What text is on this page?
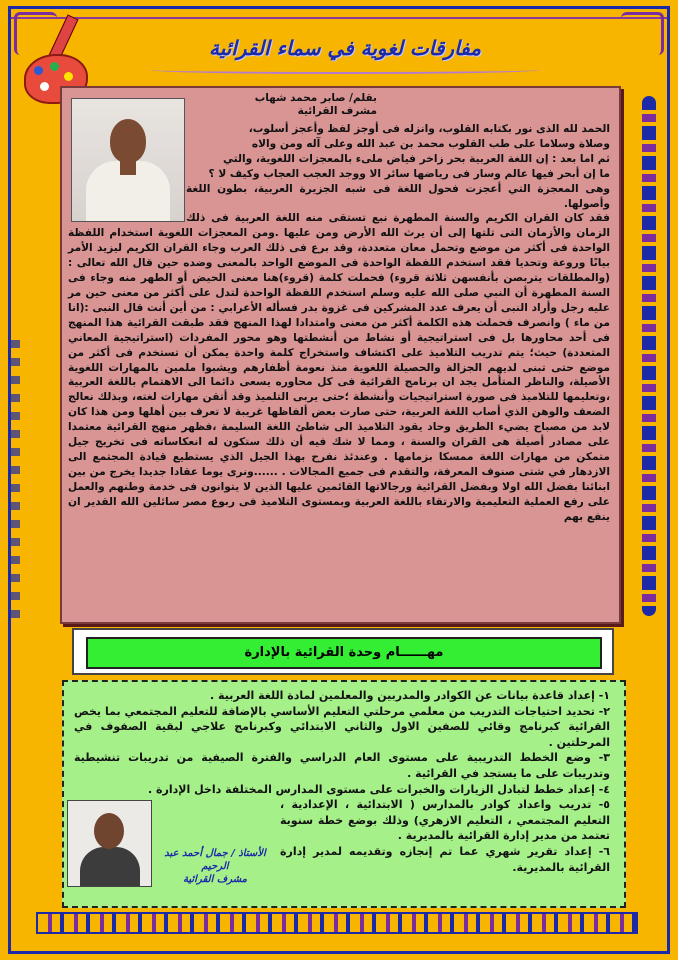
مفارقات لغوية في سماء القرائية
بقلم/ صابر محمد شهاب
مشرف القرائية

الحمد لله الذى نور بكتابه القلوب، وانزله فى أوجز لفظ وأعجز أسلوب،

وصلاة وسلاما على طب القلوب محمد بن عبد الله وعلى آله ومن والاه

ثم اما بعد : إن اللغة العربية بحر زاخر فياض ملىء بالمعجزات اللغوية، والتي

ما إن أبحر فيها عالم وسار فى رياضها سائر الا ووجد العجب العجاب وكيف لا ؟

وهى المعجزة التي أعجزت فحول اللغة فى شبه الجزيرة العربية، بطون اللغة وأصولها.

فقد كان القران الكريم والسنة المطهرة نبع تستقى منه اللغة العربية فى ذلك الزمان والأزمان التى تلتها إلى أن يرث الله الأرض ومن عليها .ومن المعجزات اللغوية استخدام اللفظة الواحدة فى أكثر من موضع وتحمل معان متعددة، وقد برع فى ذلك العرب وجاء القران الكريم ليزيد الأمر بيانًا وروعة وتحديا فقد استخدم اللفظة الواحدة فى الموضع الواحد بالمعنى وضده حين قال الله تعالى : (والمطلقات يتربصن بأنفسهن ثلاثة قروء) فحملت كلمة (قروء)هنا معنى الحيض أو الطهر منه وجاء فى السنة المطهرة أن النبي صلى الله عليه وسلم استخدم اللفظة الواحدة لتدل على أكثر من معنى حين مر عليه رجل وأراد النبى أن يعرف عدد المشركين فى غزوة بدر فسأله الأعرابي : من أين أنت قال النبى :(انا من ماء ) وانصرف فحملت هذه الكلمة أكثر من معنى وامتدادا لهذا المنهج فقد طبقت القرائية هذا المنهج فى أحد محاورها بل فى استراتيجية أو نشاط من أنشطتها وهو محور المفردات (استراتيجية المعاني المتعددة) حيث؛ يتم تدريب التلاميذ على اكتشاف واستخراج كلمة واحدة يمكن أن تستخدم فى أكثر من موضع حتى تبنى لديهم الجزالة والحصيلة اللغوية منذ نعومة أظفارهم ويشبوا ملمين بالمهارات اللغوية الأصيلة، والناظر المتأمل يجد ان برنامج القرائية فى كل محاوره يسعى دائما الى الاهتمام باللغة العربية ،وتعليمها للتلاميذ فى صورة استراتيجيات وأنشطة ؛حتى يربى التلميذ وقد أتقن مهارات لغته، وبذلك نعالج الضعف والوهن الذي أصاب اللغة العربية، حتى صارت بعض ألفاظها غريبة لا تعرف بين أهلها ومن هذا كان لابد من مصباح يضيء الطريق وحاد يقود التلاميذ الى شاطئ اللغة السليمة ،فظهر منهج القرائية معتمدا على مصادر أصيلة هى القران والسنة ، ومما لا شك فيه أن ذلك ستكون له انعكاساته فى تخريج جيل متمكن من مهارات اللغة ممسكا بزمامها . وعندئذ نفرح بهذا الجيل الذي يستطيع قيادة المجتمع الى الازدهار في شتى صنوف المعرفة، والتقدم فى جميع المجالات . ......ونرى يوما عقادا جديدا يخرج من بين ابنائنا بفضل الله اولا وبفضل القرائية ورجالاتها القائمين عليها الذين لا يتوانون فى خدمة وطنهم والعمل على رفع العملية التعليمية والارتقاء باللغة العربية وبمستوى التلاميذ فى ربوع مصر سائلين الله القدير ان ينفع بهم

مهــــــام وحدة القرائية بالإدارة

١- إعداد قاعدة بيانات عن الكوادر والمدربين والمعلمين لمادة اللغة العربية .

٢- تحديد احتياجات التدريب من معلمي مرحلتي التعليم الأساسي بالإضافة للتعليم المجتمعي بما يخص القرائية كبرنامج وقائي للصفين الاول والثاني الابتدائي وكبرنامج علاجي لبقية الصفوف في المرحلتين .

٣- وضع الخطط التدريبية على مستوى العام الدراسي والفترة الصيفية من تدريبات تنشيطية وتدريبات على ما يستجد في القرائية .

٤- إعداد خطط لتبادل الزيارات والخبرات على مستوى المدارس المختلفة داخل الإدارة .

٥- تدريب واعداد كوادر بالمدارس ( الابتدائية ، الإعدادية ، التعليم المجتمعي ، التعليم الازهري) وذلك بوضع خطة سنوية تعتمد من مدير إدارة القرائية بالمديرية .

٦- إعداد تقرير شهري عما تم إنجازه وتقديمه لمدير إدارة القرائية بالمديرية.

الأستاذ / جمال أحمد عبد الرحيم
مشرف القرائية
